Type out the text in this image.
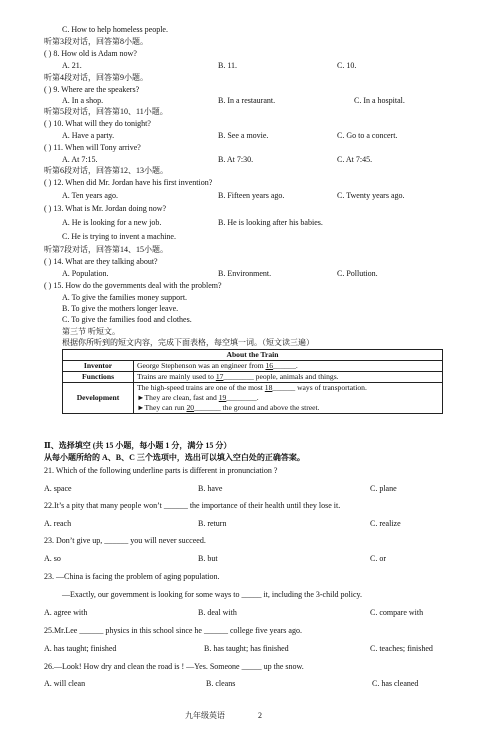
C. How to help homeless people.
听第3段对话，回答第8小题。
( ) 8. How old is Adam now?
A. 21.	B. 11.	C. 10.
听第4段对话，回答第9小题。
( ) 9. Where are the speakers?
A. In a shop.	B. In a restaurant.	C. In a hospital.
听第5段对话，回答第10、11小题。
( ) 10. What will they do tonight?
A. Have a party.	B. See a movie.	C. Go to a concert.
( ) 11. When will Tony arrive?
A. At 7:15.	B. At 7:30.	C. At 7:45.
听第6段对话，回答第12、13小题。
( ) 12. When did Mr. Jordan have his first invention?
A. Ten years ago.	B. Fifteen years ago.	C. Twenty years ago.
( ) 13. What is Mr. Jordan doing now?
A. He is looking for a new job.	B. He is looking after his babies.
C. He is trying to invent a machine.
听第7段对话，回答第14、15小题。
( ) 14. What are they talking about?
A. Population.	B. Environment.	C. Pollution.
( ) 15. How do the governments deal with the problem?
A. To give the families money support.
B. To give the mothers longer leave.
C. To give the families food and clothes.
第三节 听短文。
根据你所听到的短文内容，完成下面表格，每空填一词。（短文读三遍）
About the Train	
Inventor	George Stephenson was an engineer from 16______.
Functions	Trains are mainly used to 17________ people, animals and things.
Development	The high-speed trains are one of the most 18______ ways of transportation.
►They are clean, fast and 19________.
►They can run 20_______ the ground and above the street.
Ⅱ、选择填空 (共 15 小题，每小题 1 分，满分 15 分）
从每小题所给的 A、B、C 三个选项中，选出可以填入空白处的正确答案。
21. Which of the following underline parts is different in pronunciation ?
A. space	B. have	C. plane
22.It’s a pity that many people won’t ______ the importance of their health until they lose it.
A. reach	B. return	C. realize
23. Don’t give up, ______ you will never succeed.
A. so	B. but	C. or
23. —China is facing the problem of aging population.
—Exactly, our government is looking for some ways to _____ it, including the 3-child policy.
A. agree with	B. deal with	C. compare with
25.Mr.Lee ______ physics in this school since he ______ college five years ago.
A. has taught; finished	B. has taught; has finished	C. teaches; finished
26.—Look! How dry and clean the road is ! —Yes. Someone _____ up the snow.
A. will clean	B. cleans	C. has cleaned
九年级英语	2
